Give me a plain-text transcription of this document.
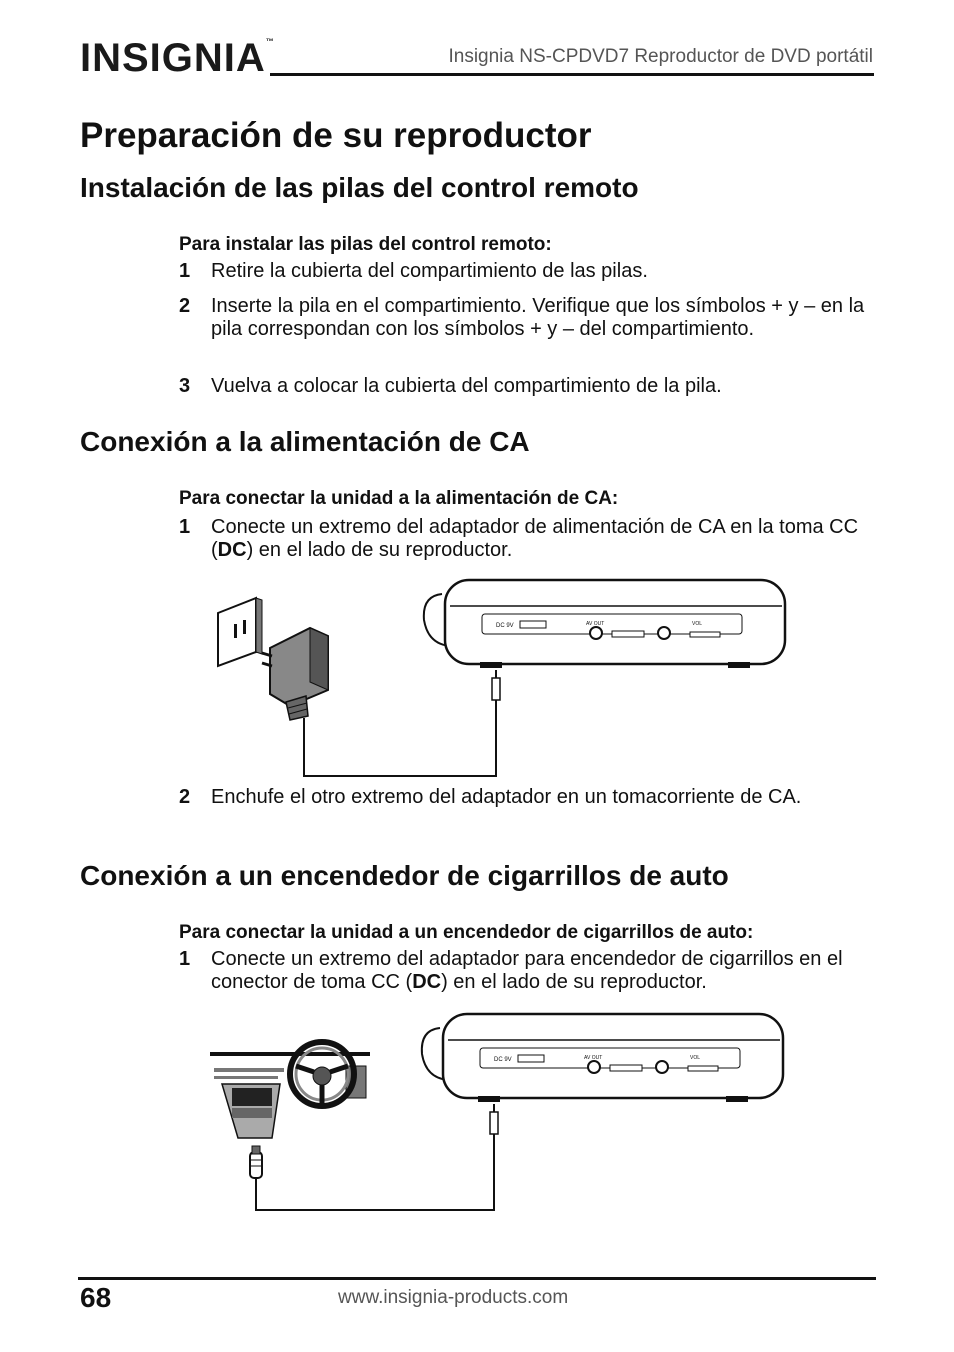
INSIGNIA™
Insignia NS-CPDVD7 Reproductor de DVD portátil
Preparación de su reproductor
Instalación de las pilas del control remoto
Para instalar las pilas del control remoto:
1	Retire la cubierta del compartimiento de las pilas.
2	Inserte la pila en el compartimiento. Verifique que los símbolos + y – en la pila correspondan con los símbolos + y – del compartimiento.
3	Vuelva a colocar la cubierta del compartimiento de la pila.
Conexión a la alimentación de CA
Para conectar la unidad a la alimentación de CA:
1	Conecte un extremo del adaptador de alimentación de CA en la toma CC (DC) en el lado de su reproductor.
DC 9V	AV OUT	VOL
2	Enchufe el otro extremo del adaptador en un tomacorriente de CA.
Conexión a un encendedor de cigarrillos de auto
Para conectar la unidad a un encendedor de cigarrillos de auto:
1	Conecte un extremo del adaptador para encendedor de cigarrillos en el conector de toma CC (DC) en el lado de su reproductor.
DC 9V	AV OUT	VOL
68	www.insignia-products.com
